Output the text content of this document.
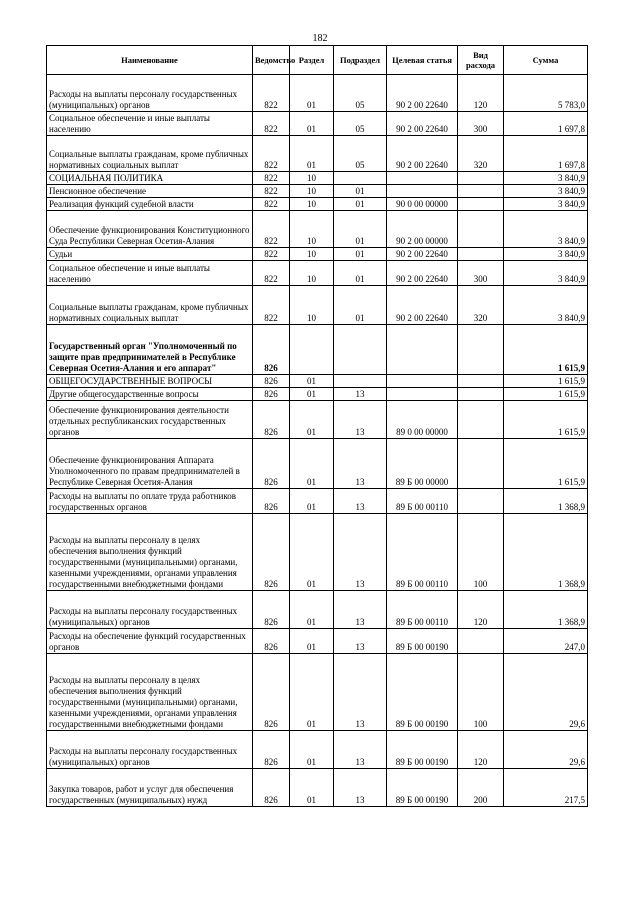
182
Наименование	Ведомство	Раздел	Подраздел	Целевая статья	Вид расхода	Сумма
Расходы на выплаты персоналу государственных (муниципальных) органов	822	01	05	90 2 00 22640	120	5 783,0
Социальное обеспечение и иные выплаты населению	822	01	05	90 2 00 22640	300	1 697,8
Социальные выплаты гражданам, кроме публичных нормативных социальных выплат	822	01	05	90 2 00 22640	320	1 697,8
СОЦИАЛЬНАЯ ПОЛИТИКА	822	10				3 840,9
Пенсионное обеспечение	822	10	01			3 840,9
Реализация функций судебной власти	822	10	01	90 0 00 00000		3 840,9
Обеспечение функционирования Конституционного Суда Республики Северная Осетия-Алания	822	10	01	90 2 00 00000		3 840,9
Судьи	822	10	01	90 2 00 22640		3 840,9
Социальное обеспечение и иные выплаты населению	822	10	01	90 2 00 22640	300	3 840,9
Социальные выплаты гражданам, кроме публичных нормативных социальных выплат	822	10	01	90 2 00 22640	320	3 840,9
Государственный орган "Уполномоченный по защите прав предпринимателей в Республике Северная Осетия-Алания и его аппарат"	826					1 615,9
ОБЩЕГОСУДАРСТВЕННЫЕ ВОПРОСЫ	826	01				1 615,9
Другие общегосударственные вопросы	826	01	13			1 615,9
Обеспечение функционирования деятельности отдельных республиканских государственных органов	826	01	13	89 0 00 00000		1 615,9
Обеспечение функционирования Аппарата Уполномоченного по правам предпринимателей в Республике Северная Осетия-Алания	826	01	13	89 Б 00 00000		1 615,9
Расходы на выплаты по оплате труда работников государственных органов	826	01	13	89 Б 00 00110		1 368,9
Расходы на выплаты персоналу в целях обеспечения выполнения функций государственными (муниципальными) органами, казенными учреждениями, органами управления государственными внебюджетными фондами	826	01	13	89 Б 00 00110	100	1 368,9
Расходы на выплаты персоналу государственных (муниципальных) органов	826	01	13	89 Б 00 00110	120	1 368,9
Расходы на обеспечение функций государственных органов	826	01	13	89 Б 00 00190		247,0
Расходы на выплаты персоналу в целях обеспечения выполнения функций государственными (муниципальными) органами, казенными учреждениями, органами управления государственными внебюджетными фондами	826	01	13	89 Б 00 00190	100	29,6
Расходы на выплаты персоналу государственных (муниципальных) органов	826	01	13	89 Б 00 00190	120	29,6
Закупка товаров, работ и услуг для обеспечения государственных (муниципальных) нужд	826	01	13	89 Б 00 00190	200	217,5
